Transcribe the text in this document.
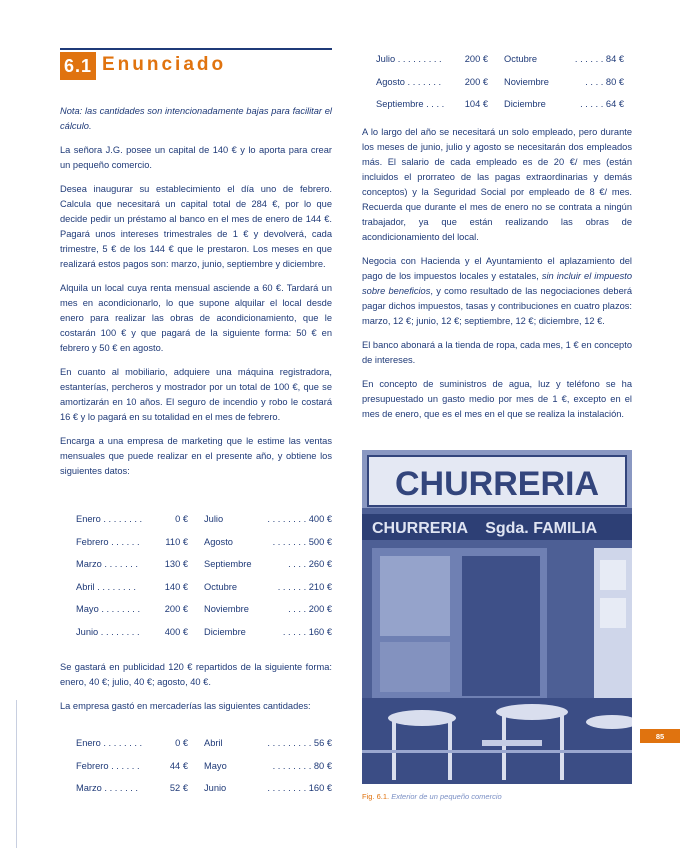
6.1 Enunciado

Nota: las cantidades son intencionadamente bajas para facilitar el cálculo.

La señora J.G. posee un capital de 140 € y lo aporta para crear un pequeño comercio.

Desea inaugurar su establecimiento el día uno de febrero. Calcula que necesitará un capital total de 284 €, por lo que decide pedir un préstamo al banco en el mes de enero de 144 €. Pagará unos intereses trimestrales de 1 € y devolverá, cada trimestre, 5 € de los 144 € que le prestaron. Los meses en que realizará estos pagos son: marzo, junio, septiembre y diciembre.

Alquila un local cuya renta mensual asciende a 60 €. Tardará un mes en acondicionarlo, lo que supone alquilar el local desde enero para realizar las obras de acondicionamiento, que le costarán 100 € y que pagará de la siguiente forma: 50 € en febrero y 50 € en agosto.

En cuanto al mobiliario, adquiere una máquina registradora, estanterías, percheros y mostrador por un total de 100 €, que se amortizarán en 10 años. El seguro de incendio y robo le costará 16 € y lo pagará en su totalidad en el mes de febrero.

Encarga a una empresa de marketing que le estime las ventas mensuales que puede realizar en el presente año, y obtiene los siguientes datos:

Enero . . . . . . . .	0 €	Julio	. . . . . . . . 400 €
Febrero . . . . . .	110 €	Agosto	. . . . . . . 500 €
Marzo . . . . . . .	130 €	Septiembre	. . . . 260 €
Abril . . . . . . . .	140 €	Octubre	. . . . . . 210 €
Mayo . . . . . . . .	200 €	Noviembre	. . . . 200 €
Junio . . . . . . . .	400 €	Diciembre	. . . . . 160 €

Se gastará en publicidad 120 € repartidos de la siguiente forma: enero, 40 €; julio, 40 €; agosto, 40 €.

La empresa gastó en mercaderías las siguientes cantidades:

Enero . . . . . . . .	0 €	Abril	. . . . . . . . . 56 €
Febrero . . . . . .	44 €	Mayo	. . . . . . . . 80 €
Marzo . . . . . . .	52 €	Junio	. . . . . . . . 160 €
Julio . . . . . . . . .	200 €	Octubre	. . . . . . 84 €
Agosto . . . . . . .	200 €	Noviembre	. . . . 80 €
Septiembre . . . .	104 €	Diciembre	. . . . . 64 €

A lo largo del año se necesitará un solo empleado, pero durante los meses de junio, julio y agosto se necesitarán dos empleados más. El salario de cada empleado es de 20 €/ mes (están incluidos el prorrateo de las pagas extraordinarias y demás conceptos) y la Seguridad Social por empleado de 8 €/ mes. Recuerda que durante el mes de enero no se contrata a ningún trabajador, ya que están realizando las obras de acondicionamiento del local.

Negocia con Hacienda y el Ayuntamiento el aplazamiento del pago de los impuestos locales y estatales, sin incluir el impuesto sobre beneficios, y como resultado de las negociaciones deberá pagar dichos impuestos, tasas y contribuciones en cuatro plazos: marzo, 12 €; junio, 12 €; septiembre, 12 €; diciembre, 12 €.

El banco abonará a la tienda de ropa, cada mes, 1 € en concepto de intereses.

En concepto de suministros de agua, luz y teléfono se ha presupuestado un gasto medio por mes de 1 €, excepto en el mes de enero, que es el mes en el que se realiza la instalación.

CHURRERIA
CHURRERIA    Sgda. FAMILIA
Fig. 6.1. Exterior de un pequeño comercio
85
